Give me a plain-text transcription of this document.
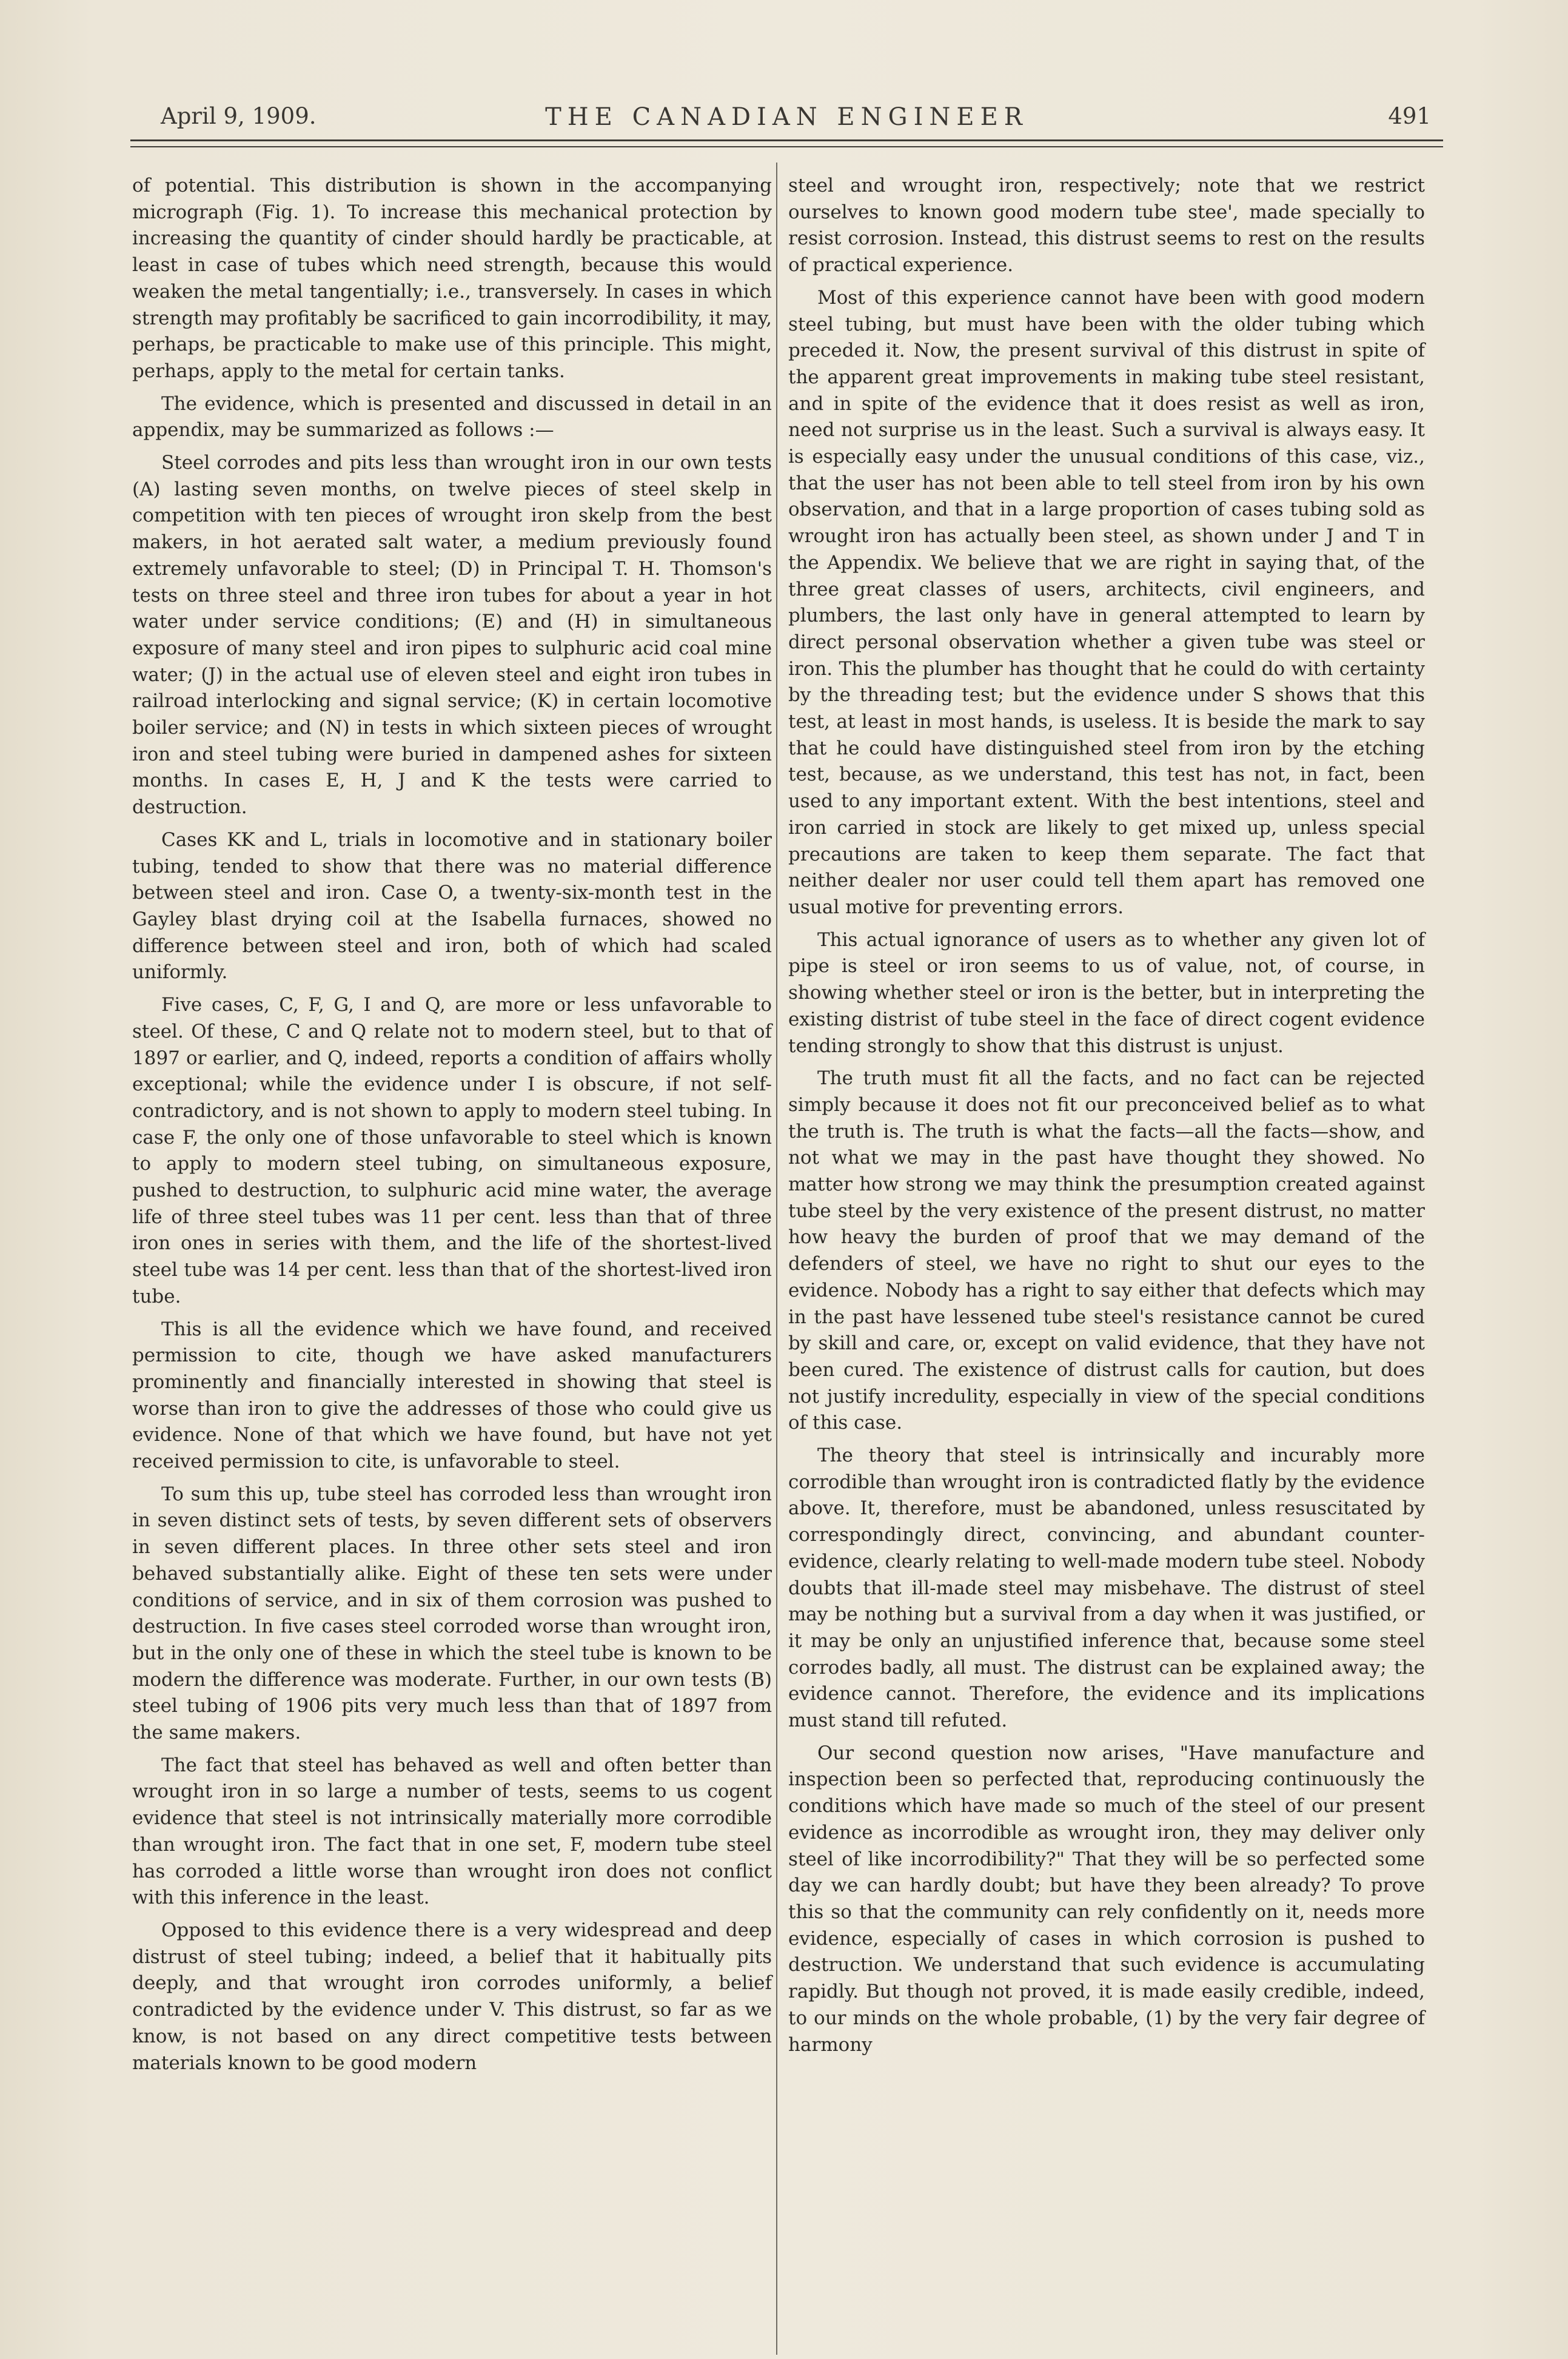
April 9, 1909.	THE CANADIAN ENGINEER	491

of potential. This distribution is shown in the accompanying micrograph (Fig. 1). To increase this mechanical protection by increasing the quantity of cinder should hardly be practicable, at least in case of tubes which need strength, because this would weaken the metal tangentially; i.e., transversely. In cases in which strength may profitably be sacrificed to gain incorrodibility, it may, perhaps, be practicable to make use of this principle. This might, perhaps, apply to the metal for certain tanks.

The evidence, which is presented and discussed in detail in an appendix, may be summarized as follows :—

Steel corrodes and pits less than wrought iron in our own tests (A) lasting seven months, on twelve pieces of steel skelp in competition with ten pieces of wrought iron skelp from the best makers, in hot aerated salt water, a medium previously found extremely unfavorable to steel; (D) in Principal T. H. Thomson's tests on three steel and three iron tubes for about a year in hot water under service conditions; (E) and (H) in simultaneous exposure of many steel and iron pipes to sulphuric acid coal mine water; (J) in the actual use of eleven steel and eight iron tubes in railroad interlocking and signal service; (K) in certain locomotive boiler service; and (N) in tests in which sixteen pieces of wrought iron and steel tubing were buried in dampened ashes for sixteen months. In cases E, H, J and K the tests were carried to destruction.

Cases KK and L, trials in locomotive and in stationary boiler tubing, tended to show that there was no material difference between steel and iron. Case O, a twenty-six-month test in the Gayley blast drying coil at the Isabella furnaces, showed no difference between steel and iron, both of which had scaled uniformly.

Five cases, C, F, G, I and Q, are more or less unfavorable to steel. Of these, C and Q relate not to modern steel, but to that of 1897 or earlier, and Q, indeed, reports a condition of affairs wholly exceptional; while the evidence under I is obscure, if not self-contradictory, and is not shown to apply to modern steel tubing. In case F, the only one of those unfavorable to steel which is known to apply to modern steel tubing, on simultaneous exposure, pushed to destruction, to sulphuric acid mine water, the average life of three steel tubes was 11 per cent. less than that of three iron ones in series with them, and the life of the shortest-lived steel tube was 14 per cent. less than that of the shortest-lived iron tube.

This is all the evidence which we have found, and received permission to cite, though we have asked manufacturers prominently and financially interested in showing that steel is worse than iron to give the addresses of those who could give us evidence. None of that which we have found, but have not yet received permission to cite, is unfavorable to steel.

To sum this up, tube steel has corroded less than wrought iron in seven distinct sets of tests, by seven different sets of observers in seven different places. In three other sets steel and iron behaved substantially alike. Eight of these ten sets were under conditions of service, and in six of them corrosion was pushed to destruction. In five cases steel corroded worse than wrought iron, but in the only one of these in which the steel tube is known to be modern the difference was moderate. Further, in our own tests (B) steel tubing of 1906 pits very much less than that of 1897 from the same makers.

The fact that steel has behaved as well and often better than wrought iron in so large a number of tests, seems to us cogent evidence that steel is not intrinsically materially more corrodible than wrought iron. The fact that in one set, F, modern tube steel has corroded a little worse than wrought iron does not conflict with this inference in the least.

Opposed to this evidence there is a very widespread and deep distrust of steel tubing; indeed, a belief that it habitually pits deeply, and that wrought iron corrodes uniformly, a belief contradicted by the evidence under V. This distrust, so far as we know, is not based on any direct competitive tests between materials known to be good modern

steel and wrought iron, respectively; note that we restrict ourselves to known good modern tube stee', made specially to resist corrosion. Instead, this distrust seems to rest on the results of practical experience.

Most of this experience cannot have been with good modern steel tubing, but must have been with the older tubing which preceded it. Now, the present survival of this distrust in spite of the apparent great improvements in making tube steel resistant, and in spite of the evidence that it does resist as well as iron, need not surprise us in the least. Such a survival is always easy. It is especially easy under the unusual conditions of this case, viz., that the user has not been able to tell steel from iron by his own observation, and that in a large proportion of cases tubing sold as wrought iron has actually been steel, as shown under J and T in the Appendix. We believe that we are right in saying that, of the three great classes of users, architects, civil engineers, and plumbers, the last only have in general attempted to learn by direct personal observation whether a given tube was steel or iron. This the plumber has thought that he could do with certainty by the threading test; but the evidence under S shows that this test, at least in most hands, is useless. It is beside the mark to say that he could have distinguished steel from iron by the etching test, because, as we understand, this test has not, in fact, been used to any important extent. With the best intentions, steel and iron carried in stock are likely to get mixed up, unless special precautions are taken to keep them separate. The fact that neither dealer nor user could tell them apart has removed one usual motive for preventing errors.

This actual ignorance of users as to whether any given lot of pipe is steel or iron seems to us of value, not, of course, in showing whether steel or iron is the better, but in interpreting the existing distrist of tube steel in the face of direct cogent evidence tending strongly to show that this distrust is unjust.

The truth must fit all the facts, and no fact can be rejected simply because it does not fit our preconceived belief as to what the truth is. The truth is what the facts—all the facts—show, and not what we may in the past have thought they showed. No matter how strong we may think the presumption created against tube steel by the very existence of the present distrust, no matter how heavy the burden of proof that we may demand of the defenders of steel, we have no right to shut our eyes to the evidence. Nobody has a right to say either that defects which may in the past have lessened tube steel's resistance cannot be cured by skill and care, or, except on valid evidence, that they have not been cured. The existence of distrust calls for caution, but does not justify incredulity, especially in view of the special conditions of this case.

The theory that steel is intrinsically and incurably more corrodible than wrought iron is contradicted flatly by the evidence above. It, therefore, must be abandoned, unless resuscitated by correspondingly direct, convincing, and abundant counter-evidence, clearly relating to well-made modern tube steel. Nobody doubts that ill-made steel may misbehave. The distrust of steel may be nothing but a survival from a day when it was justified, or it may be only an unjustified inference that, because some steel corrodes badly, all must. The distrust can be explained away; the evidence cannot. Therefore, the evidence and its implications must stand till refuted.

Our second question now arises, "Have manufacture and inspection been so perfected that, reproducing continuously the conditions which have made so much of the steel of our present evidence as incorrodible as wrought iron, they may deliver only steel of like incorrodibility?" That they will be so perfected some day we can hardly doubt; but have they been already? To prove this so that the community can rely confidently on it, needs more evidence, especially of cases in which corrosion is pushed to destruction. We understand that such evidence is accumulating rapidly. But though not proved, it is made easily credible, indeed, to our minds on the whole probable, (1) by the very fair degree of harmony
